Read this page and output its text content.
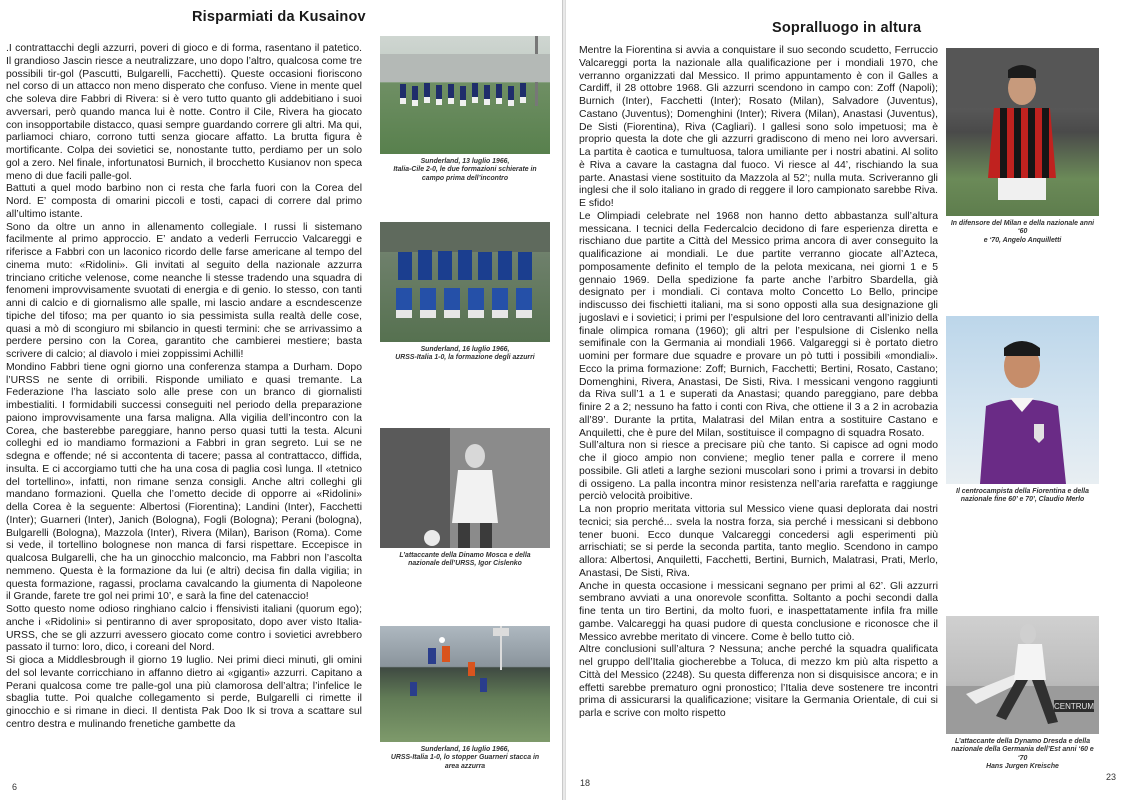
Risparmiati da Kusainov

.I contrattacchi degli azzurri, poveri di gioco e di forma, rasentano il patetico. Il grandioso Jascin riesce a neutralizzare, uno dopo l’altro, qualcosa come tre possibili tir-gol (Pascutti, Bulgarelli, Facchetti). Queste occasioni fioriscono nel corso di un attacco non meno disperato che confuso. Viene in mente quel che soleva dire Fabbri di Rivera: si è vero tutto quanto gli addebitiano i suoi avversari, però quando manca lui è notte. Contro il Cile, Rivera ha giocato con insopportabile distacco, quasi sempre guardando correre gli altri. Ma qui, parliamoci chiaro, corrono tutti senza giocare affatto. La brutta figura è mortificante. Colpa dei sovietici se, nonostante tutto, perdiamo per un solo gol a zero. Nel finale, infortunatosi Burnich, il brocchetto Kusianov non speca meno di due facili palle-gol.

Battuti a quel modo barbino non ci resta che farla fuori con la Corea del Nord. E’ composta di omarini piccoli e tosti, capaci di correre dal primo all’ultimo istante.

Sono da oltre un anno in allenamento collegiale. I russi li sistemano facilmente al primo approccio. E’ andato a vederli Ferruccio Valcareggi e riferisce a Fabbri con un laconico ricordo delle farse americane al tempo del cinema muto: «Ridolini». Gli invitati al seguito della nazionale azzurra trinciano critiche velenose, come neanche li stesse tradendo una squadra di fenomeni improvvisamente svuotati di energia e di genio. Io stesso, con tanti anni di calcio e di giornalismo alle spalle, mi lascio andare a escndescenze tipiche del tifoso; ma per quanto io sia pessimista sulla realtà delle cose, quasi a mò di scongiuro mi sbilancio in questi termini: che se arrivassimo a perdere persino con la Corea, garantito che cambierei mestiere; basta scrivere di calcio; al diavolo i miei zoppissimi Achilli!

Mondino Fabbri tiene ogni giorno una conferenza stampa a Durham. Dopo l’URSS ne sente di orribili. Risponde umiliato e quasi tremante. La Federazione l’ha lasciato solo alle prese con un branco di giornalisti imbestialiti. I formidabili successi conseguiti nel periodo della preparazione paiono improvvisamente una farsa maligna. Alla vigilia dell’incontro con la Corea, che basterebbe pareggiare, hanno perso quasi tutti la testa. Alcuni colleghi ed io mandiamo formazioni a Fabbri in gran segreto. Lui se ne sdegna e offende; né si accontenta di tacere; passa al contrattacco, diffida, insulta. E ci accorgiamo tutti che ha una cosa di paglia così lunga. Il «tetnico del tortellino», infatti, non rimane senza consigli. Anche altri colleghi gli mandano formazioni. Quella che l’ometto decide di opporre ai «Ridolini» della Corea è la seguente: Albertosi (Fiorentina); Landini (Inter), Facchetti (Inter); Guarneri (Inter), Janich (Bologna), Fogli (Bologna); Perani (bologna), Bulgarelli (Bologna), Mazzola (Inter), Rivera (Milan), Barison (Roma). Come si vede, il tortellino bolognese non manca di farsi rispettare. Eccepisce in qualcosa Bulgarelli, che ha un ginocchio malconcio, ma Fabbri non l’ascolta nemmeno. Questa è la formazione da lui (e altri) decisa fin dalla vigilia; in questa formazione, ragassi, proclama cavalcando la giumenta di Napoleone il Grande, farete tre gol nei primi 10’, e sarà la fine del catenaccio!

Sotto questo nome odioso ringhiano calcio i ffensivisti italiani (quorum ego); anche i «Ridolini» si pentiranno di aver spropositato, dopo aver visto Italia-URSS, che se gli azzurri avessero giocato come contro i sovietici avrebbero passato il turno: loro, dico, i coreani del Nord.

Si gioca a Middlesbrough il giorno 19 luglio. Nei primi dieci minuti, gli omini del sol levante corricchiano in affanno dietro ai «giganti» azzurri. Capitano a Perani qualcosa come tre palle-gol una più clamorosa dell’altra; l’infelice le sbaglia tutte. Poi qualche collegamento si perde, Bulgarelli ci rimette il ginocchio e si rimane in dieci. Il dentista Pak Doo Ik si trova a scattare sul centro destra e mulinando frenetiche gambette da

Sunderland, 13 luglio 1966,
Italia-Cile 2-0, le due formazioni schierate in
campo prima dell’incontro
Sunderland, 16 luglio 1966,
URSS-Italia 1-0, la formazione degli azzurri
L’attaccante della Dinamo Mosca e della
nazionale dell’URSS, Igor Cislenko
Sunderland, 16 luglio 1966,
URSS-Italia 1-0, lo stopper Guarneri stacca in
area azzurra
6
Sopralluogo in altura

Mentre la Fiorentina si avvia a conquistare il suo secondo scudetto, Ferruccio Valcareggi porta la nazionale alla qualificazione per i mondiali 1970, che verranno organizzati dal Messico. Il primo appuntamento è con il Galles a Cardiff, il 28 ottobre 1968. Gli azzurri scendono in campo con: Zoff (Napoli); Burnich (Inter), Facchetti (Inter); Rosato (Milan), Salvadore (Juventus), Castano (Juventus); Domenghini (Inter); Rivera (Milan), Anastasi (Juventus), De Sisti (Fiorentina), Riva (Cagliari). I gallesi sono solo impetuosi; ma è proprio questa la dote che gli azzurri gradiscono di meno nei loro avversari. La partita è caotica e tumultuosa, talora umiliante per i nostri abatini. Al solito è Riva a cavare la castagna dal fuoco. Vi riesce al 44’, rischiando la sua parte. Anastasi viene sostituito da Mazzola al 52’; nulla muta. Scriveranno gli inglesi che il solo italiano in grado di reggere il loro campionato sarebbe Riva. E sfido!

Le Olimpiadi celebrate nel 1968 non hanno detto abbastanza sull’altura messicana. I tecnici della Federcalcio decidono di fare esperienza diretta e rischiano due partite a Città del Messico prima ancora di aver conseguito la qualificazione ai mondiali. Le due partite verranno giocate all’Azteca, pomposamente definito el templo de la pelota mexicana, nei giorni 1 e 5 gennaio 1969. Della spedizione fa parte anche l’arbitro Sbardella, già designato per i mondiali. Ci contava molto Concetto Lo Bello, principe indiscusso dei fischietti italiani, ma si sono opposti alla sua designazione gli jugoslavi e i sovietici; i primi per l’espulsione del loro centravanti all’inizio della finale olimpica romana (1960); gli altri per l’espulsione di Cislenko nella semifinale con la Germania ai mondiali 1966. Valgareggi si è portato dietro uomini per formare due squadre e provare un pò tutti i possibili «mondiali». Ecco la prima formazione: Zoff; Burnich, Facchetti; Bertini, Rosato, Castano; Domenghini, Rivera, Anastasi, De Sisti, Riva. I messicani vengono raggiunti da Riva sull’1 a 1 e superati da Anastasi; quando pareggiano, pare debba finire 2 a 2; nessuno ha fatto i conti con Riva, che ottiene il 3 a 2 in acrobazia all’89’. Durante la prtita, Malatrasi del Milan entra a sostituire Castano e Anquiletti, che è pure del Milan, sostituisce il compagno di squadra Rosato.

Sull’altura non si riesce a precisare più che tanto. Si capisce ad ogni modo che il gioco ampio non conviene; meglio tener palla e correre il meno possibile. Gli atleti a larghe sezioni muscolari sono i primi a trovarsi in debito di ossigeno. La palla incontra minor resistenza nell’aria rarefatta e raggiunge perciò velocità proibitive.

La non proprio meritata vittoria sul Messico viene quasi deplorata dai nostri tecnici; sia perché... svela la nostra forza, sia perché i messicani si debbono tener buoni. Ecco dunque Valcareggi concedersi agli esperimenti più arrischiati; se si perde la seconda partita, tanto meglio. Scendono in campo allora: Albertosi, Anquiletti, Facchetti, Bertini, Burnich, Malatrasi, Prati, Merlo, Anastasi, De Sisti, Riva.

Anche in questa occasione i messicani segnano per primi al 62’. Gli azzurri sembrano avviati a una onorevole sconfitta. Soltanto a pochi secondi dalla fine tenta un tiro Bertini, da molto fuori, e inaspettatamente infila fra mille gambe. Valcareggi ha quasi pudore di questa conclusione e riconosce che il Messico avrebbe meritato di vincere. Come è bello tutto ciò.

Altre conclusioni sull’altura ? Nessuna; anche perché la squadra qualificata nel gruppo dell’Italia giocherebbe a Toluca, di mezzo km più alta rispetto a Città del Messico (2248). Su questa differenza non si disquisisce ancora; e in effetti sarebbe prematuro ogni pronostico; l’Italia deve sostenere tre incontri prima di assicurarsi la qualificazione; visitare la Germania Orientale, di cui si parla e scrive con molto rispetto

In difensore del Milan e della nazionale anni ‘60
e ‘70, Angelo Anquilletti
Il centrocampista della Fiorentina e della
nazionale fine 60’ e 70’, Claudio Merlo
CENTRUM
L’attaccante della Dynamo Dresda e della
nazionale della Germania dell’Est anni ‘60 e ‘70
Hans Jurgen Kreische
18
23
